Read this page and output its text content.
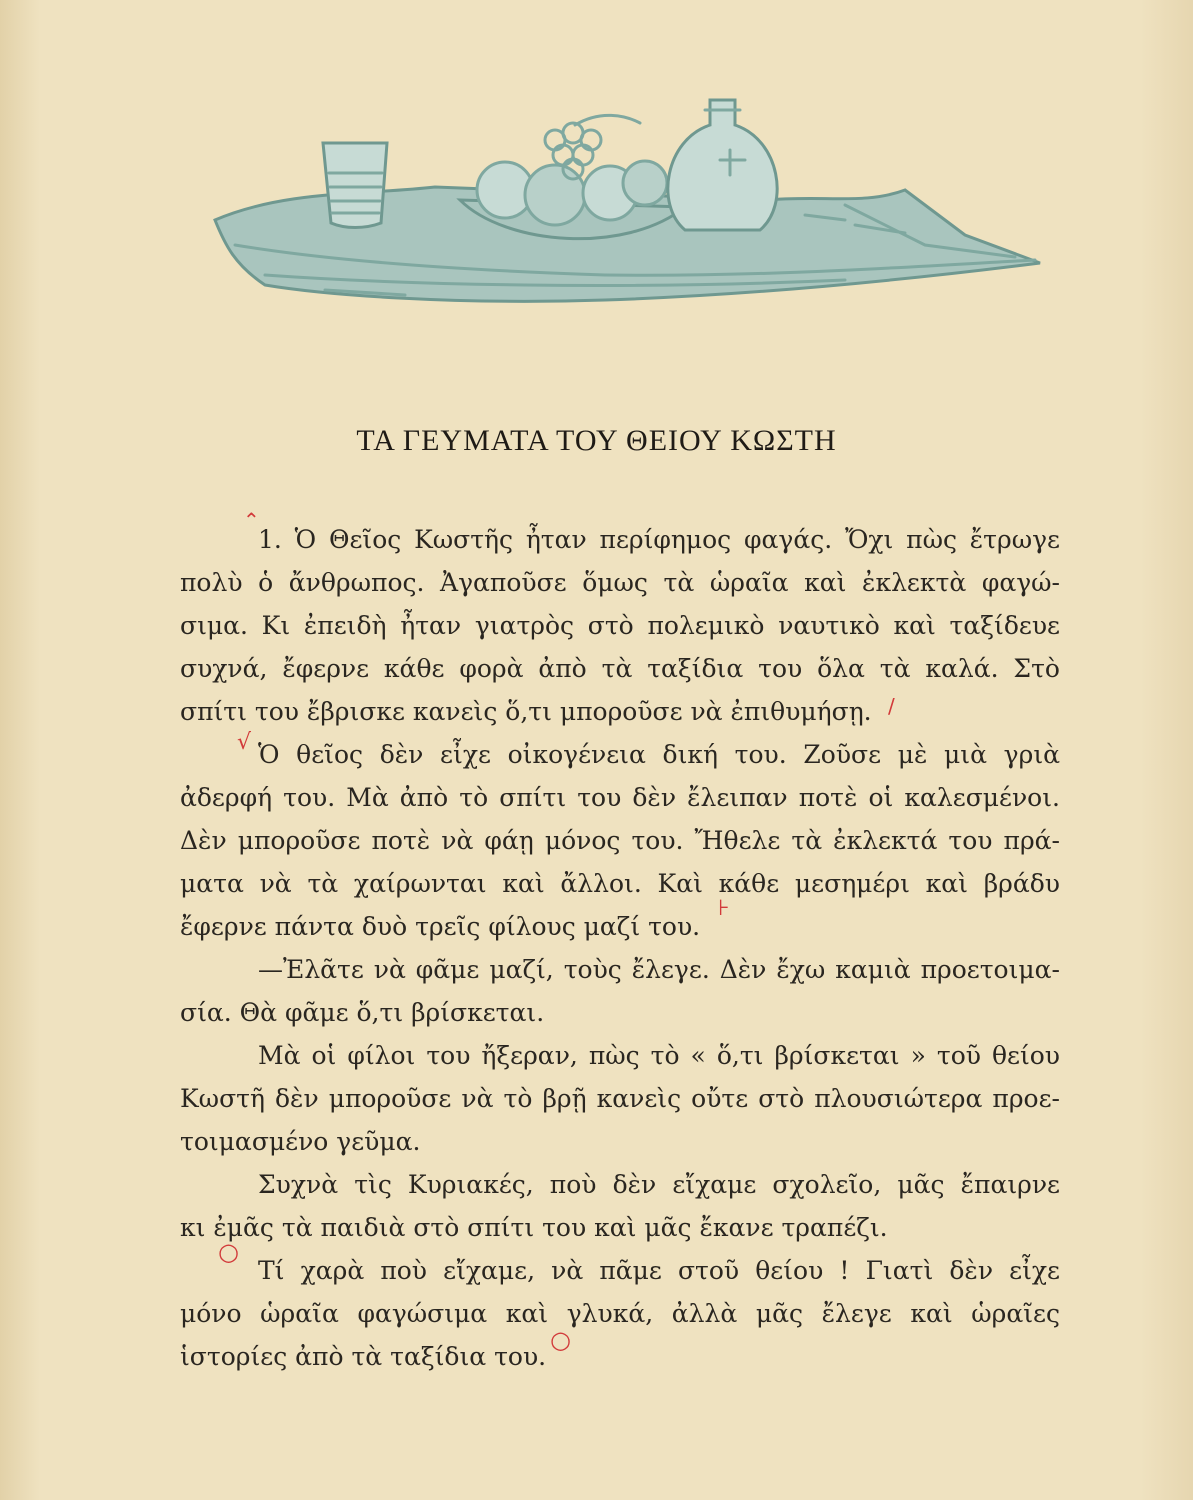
ΤΑ ΓΕΥΜΑΤΑ ΤΟΥ ΘΕΙΟΥ ΚΩΣΤΗ
1. Ὁ Θεῖος Κωστῆς ἦταν περίφημος φαγάς. Ὄχι πὼς ἔτρωγε
πολὺ ὁ ἄνθρωπος. Ἀγαποῦσε ὅμως τὰ ὡραῖα καὶ ἐκλεκτὰ φαγώ-
σιμα. Κι ἐπειδὴ ἦταν γιατρὸς στὸ πολεμικὸ ναυτικὸ καὶ ταξίδευε
συχνά, ἔφερνε κάθε φορὰ ἀπὸ τὰ ταξίδια του ὅλα τὰ καλά. Στὸ
σπίτι του ἔβρισκε κανεὶς ὅ,τι μποροῦσε νὰ ἐπιθυμήσῃ.
Ὁ θεῖος δὲν εἶχε οἰκογένεια δική του. Ζοῦσε μὲ μιὰ γριὰ
ἀδερφή του. Μὰ ἀπὸ τὸ σπίτι του δὲν ἔλειπαν ποτὲ οἱ καλεσμένοι.
Δὲν μποροῦσε ποτὲ νὰ φάῃ μόνος του. Ἤθελε τὰ ἐκλεκτά του πρά-
ματα νὰ τὰ χαίρωνται καὶ ἄλλοι. Καὶ κάθε μεσημέρι καὶ βράδυ
ἔφερνε πάντα δυὸ τρεῖς φίλους μαζί του.
—Ἐλᾶτε νὰ φᾶμε μαζί, τοὺς ἔλεγε. Δὲν ἔχω καμιὰ προετοιμα-
σία. Θὰ φᾶμε ὅ,τι βρίσκεται.
Μὰ οἱ φίλοι του ἤξεραν, πὼς τὸ « ὅ,τι βρίσκεται » τοῦ θείου
Κωστῆ δὲν μποροῦσε νὰ τὸ βρῇ κανεὶς οὔτε στὸ πλουσιώτερα προε-
τοιμασμένο γεῦμα.
Συχνὰ τὶς Κυριακές, ποὺ δὲν εἴχαμε σχολεῖο, μᾶς ἔπαιρνε
κι ἐμᾶς τὰ παιδιὰ στὸ σπίτι του καὶ μᾶς ἔκανε τραπέζι.
Τί χαρὰ ποὺ εἴχαμε, νὰ πᾶμε στοῦ θείου ! Γιατὶ δὲν εἶχε
μόνο ὡραῖα φαγώσιμα καὶ γλυκά, ἀλλὰ μᾶς ἔλεγε καὶ ὡραῖες
ἱστορίες ἀπὸ τὰ ταξίδια του.
⌃
√
/
⊦
○
○
